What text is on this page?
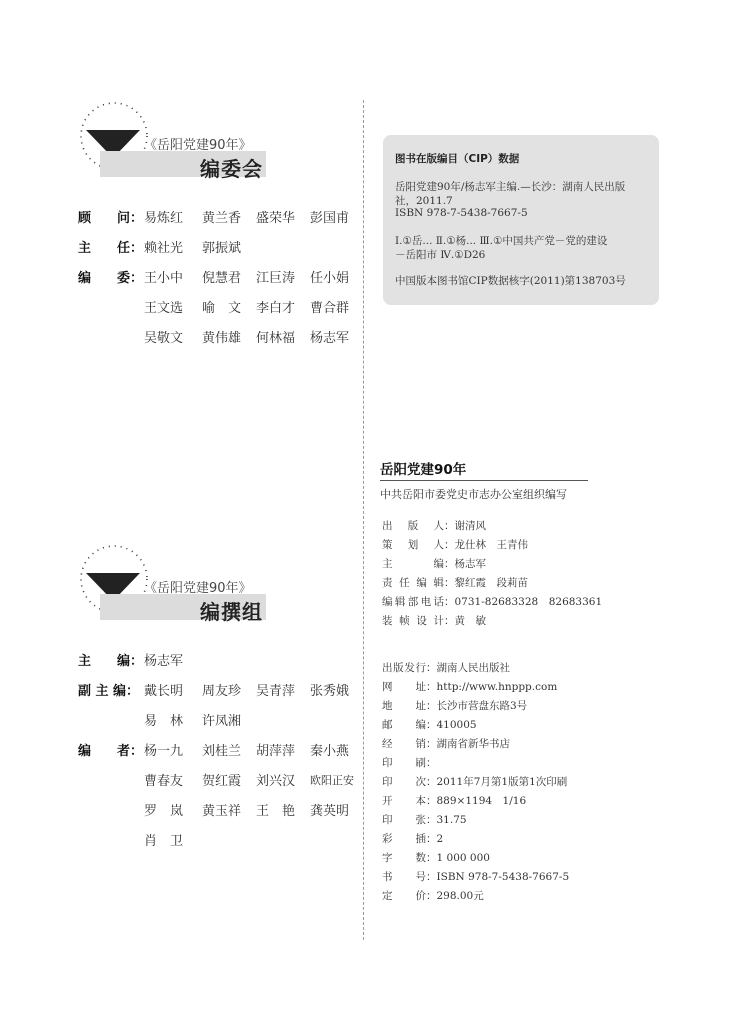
《岳阳党建90年》
编委会
顾　　问： 易炼红 黄兰香 盛荣华 彭国甫
主　　任： 赖社光 郭振斌
编　　委： 王小中 倪慧君 江巨涛 任小娟
王文选 喻　文 李白才 曹合群
吴敬文 黄伟雄 何林福 杨志军
《岳阳党建90年》
编撰组
主　　编： 杨志军
副 主 编： 戴长明 周友珍 吴青萍 张秀娥
易　林 许凤湘
编　　者： 杨一九 刘桂兰 胡萍萍 秦小燕
曹春友 贺红霞 刘兴汉 欧阳正安
罗　岚 黄玉祥 王　艳 龚英明
肖　卫
图书在版编目（CIP）数据
岳阳党建90年/杨志军主编.—长沙：湖南人民出版
社，2011.7
ISBN 978-7-5438-7667-5
Ⅰ.①岳... Ⅱ.①杨... Ⅲ.①中国共产党－党的建设
－岳阳市 Ⅳ.①D26
中国版本图书馆CIP数据核字(2011)第138703号
岳阳党建90年
中共岳阳市委党史市志办公室组织编写
出版人：谢清风
策划人：龙仕林　王青伟
主编：杨志军
责任编辑：黎红霞　段莉苗
编辑部电话：0731-82683328　82683361
装帧设计：黄　敏
出版发行：湖南人民出版社
网址：http://www.hnppp.com
地址：长沙市营盘东路3号
邮编：410005
经销：湖南省新华书店
印刷：
印次：2011年7月第1版第1次印刷
开本：889×1194　1/16
印张：31.75
彩插：2
字数：1 000 000
书号：ISBN 978-7-5438-7667-5
定价：298.00元
